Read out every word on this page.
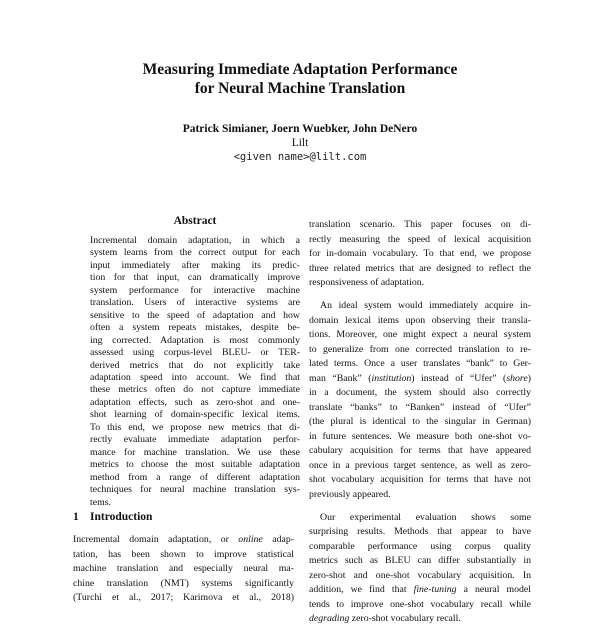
Measuring Immediate Adaptation Performance
for Neural Machine Translation
Patrick Simianer, Joern Wuebker, John DeNero
Lilt
<given name>@lilt.com
Abstract
Incremental domain adaptation, in which a
system learns from the correct output for each
input immediately after making its predic-
tion for that input, can dramatically improve
system performance for interactive machine
translation. Users of interactive systems are
sensitive to the speed of adaptation and how
often a system repeats mistakes, despite be-
ing corrected. Adaptation is most commonly
assessed using corpus-level BLEU- or TER-
derived metrics that do not explicitly take
adaptation speed into account. We find that
these metrics often do not capture immediate
adaptation effects, such as zero-shot and one-
shot learning of domain-specific lexical items.
To this end, we propose new metrics that di-
rectly evaluate immediate adaptation perfor-
mance for machine translation. We use these
metrics to choose the most suitable adaptation
method from a range of different adaptation
techniques for neural machine translation sys-
tems.
1 Introduction
Incremental domain adaptation, or online adap-
tation, has been shown to improve statistical
machine translation and especially neural ma-
chine translation (NMT) systems significantly
(Turchi et al., 2017; Karimova et al., 2018)
translation scenario. This paper focuses on di-
rectly measuring the speed of lexical acquisition
for in-domain vocabulary. To that end, we propose
three related metrics that are designed to reflect the
responsiveness of adaptation.
An ideal system would immediately acquire in-
domain lexical items upon observing their transla-
tions. Moreover, one might expect a neural system
to generalize from one corrected translation to re-
lated terms. Once a user translates “bank” to Ger-
man “Bank” (institution) instead of “Ufer” (shore)
in a document, the system should also correctly
translate “banks” to “Banken” instead of “Ufer”
(the plural is identical to the singular in German)
in future sentences. We measure both one-shot vo-
cabulary acquisition for terms that have appeared
once in a previous target sentence, as well as zero-
shot vocabulary acquisition for terms that have not
previously appeared.
Our experimental evaluation shows some
surprising results. Methods that appear to have
comparable performance using corpus quality
metrics such as BLEU can differ substantially in
zero-shot and one-shot vocabulary acquisition. In
addition, we find that fine-tuning a neural model
tends to improve one-shot vocabulary recall while
degrading zero-shot vocabulary recall.
